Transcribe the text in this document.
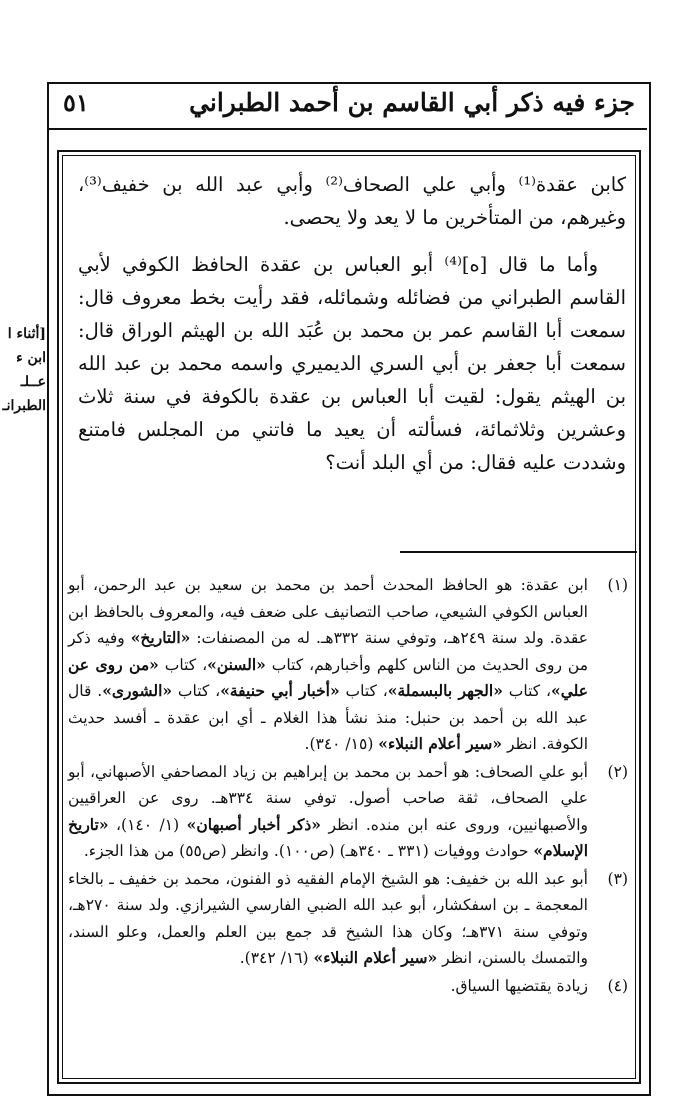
جزء فيه ذكر أبي القاسم بن أحمد الطبراني
٥١

كابن عقدة⁽¹⁾ وأبي علي الصحاف⁽²⁾ وأبي عبد الله بن خفيف⁽³⁾، وغيرهم، من المتأخرين ما لا يعد ولا يحصى.

وأما ما قال [ه]⁽⁴⁾ أبو العباس بن عقدة الحافظ الكوفي لأبي القاسم الطبراني من فضائله وشمائله، فقد رأيت بخط معروف قال: سمعت أبا القاسم عمر بن محمد بن عُبَد الله بن الهيثم الوراق قال: سمعت أبا جعفر بن أبي السري الديميري واسمه محمد بن عبد الله بن الهيثم يقول: لقيت أبا العباس بن عقدة بالكوفة في سنة ثلاث وعشرين وثلاثمائة، فسألته أن يعيد ما فاتني من المجلس فامتنع وشددت عليه فقال: من أي البلد أنت؟

[أثناء ا
ابن ء
عــلـ
الطبرانـ
(١)
ابن عقدة: هو الحافظ المحدث أحمد بن محمد بن سعيد بن عبد الرحمن، أبو العباس الكوفي الشيعي، صاحب التصانيف على ضعف فيه، والمعروف بالحافظ ابن عقدة. ولد سنة ٢٤٩هـ، وتوفي سنة ٣٣٢هـ. له من المصنفات: «التاريخ» وفيه ذكر من روى الحديث من الناس كلهم وأخبارهم، كتاب «السنن»، كتاب «من روى عن علي»، كتاب «الجهر بالبسملة»، كتاب «أخبار أبي حنيفة»، كتاب «الشورى». قال عبد الله بن أحمد بن حنبل: منذ نشأ هذا الغلام ـ أي ابن عقدة ـ أفسد حديث الكوفة. انظر «سير أعلام النبلاء» (١٥/ ٣٤٠).
(٢)
أبو علي الصحاف: هو أحمد بن محمد بن إبراهيم بن زياد المصاحفي الأصبهاني، أبو علي الصحاف، ثقة صاحب أصول. توفي سنة ٣٣٤هـ. روى عن العراقيين والأصبهانيين، وروى عنه ابن منده. انظر «ذكر أخبار أصبهان» (١/ ١٤٠)، «تاريخ الإسلام» حوادث ووفيات (٣٣١ ـ ٣٤٠هـ) (ص١٠٠). وانظر (ص٥٥) من هذا الجزء.
(٣)
أبو عبد الله بن خفيف: هو الشيخ الإمام الفقيه ذو الفنون، محمد بن خفيف ـ بالخاء المعجمة ـ بن اسفكشار، أبو عبد الله الضبي الفارسي الشيرازي. ولد سنة ٢٧٠هـ، وتوفي سنة ٣٧١هـ؛ وكان هذا الشيخ قد جمع بين العلم والعمل، وعلو السند، والتمسك بالسنن، انظر «سير أعلام النبلاء» (١٦/ ٣٤٢).
(٤)
زيادة يقتضيها السياق.
